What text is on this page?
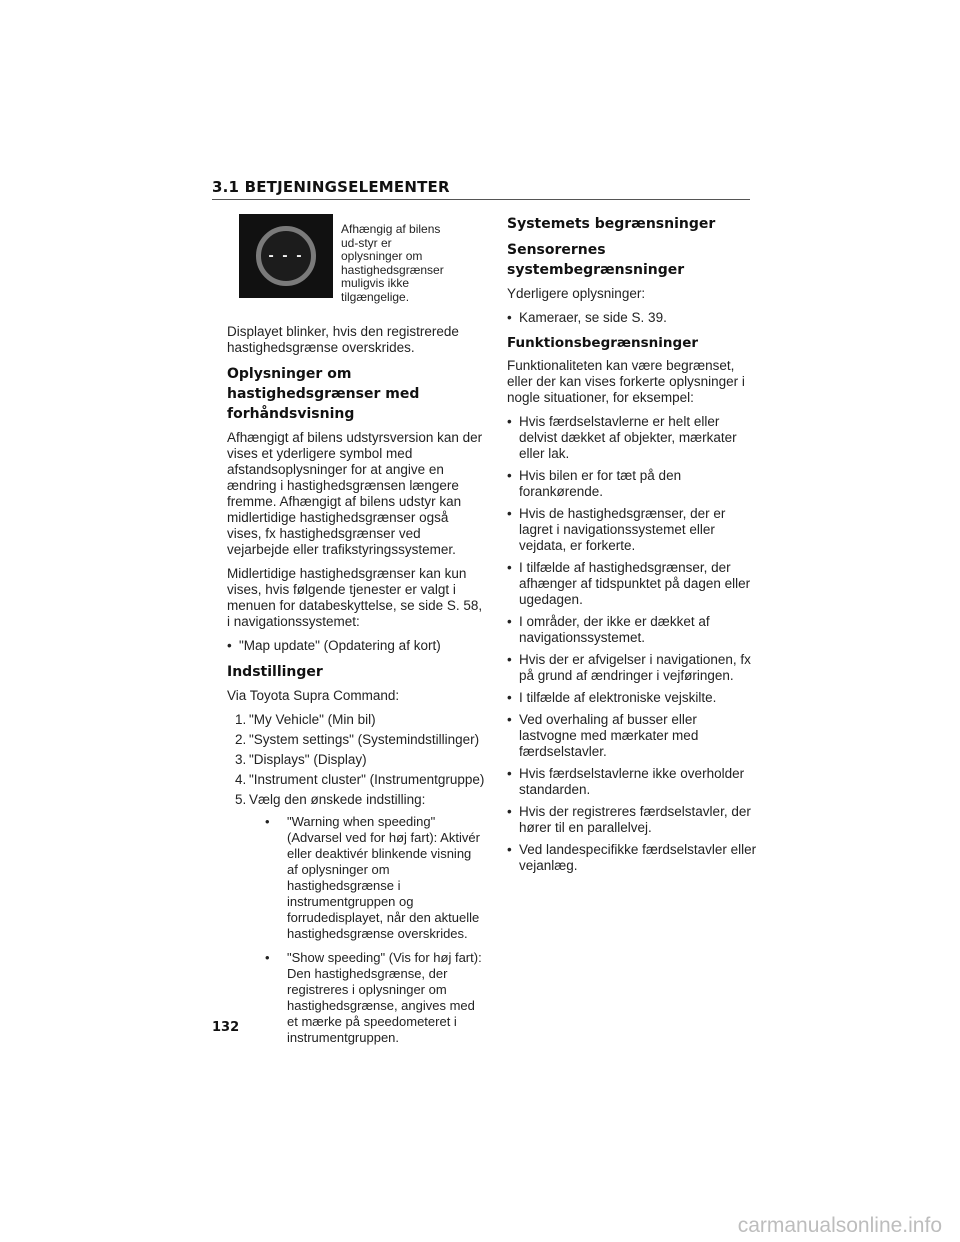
3.1 BETJENINGSELEMENTER
- - -
Afhængig af bilens ud-styr er oplysninger om hastighedsgrænser muligvis ikke tilgængelige.

Displayet blinker, hvis den registrerede hastighedsgrænse overskrides.

Oplysninger om hastighedsgrænser med forhåndsvisning

Afhængigt af bilens udstyrsversion kan der vises et yderligere symbol med afstandsoplysninger for at angive en ændring i hastighedsgrænsen længere fremme. Afhængigt af bilens udstyr kan midlertidige hastighedsgrænser også vises, fx hastighedsgrænser ved vejarbejde eller trafikstyringssystemer.

Midlertidige hastighedsgrænser kan kun vises, hvis følgende tjenester er valgt i menuen for databeskyttelse, se side S. 58, i navigationssystemet:

• "Map update" (Opdatering af kort)
Indstillinger

Via Toyota Supra Command:

1. "My Vehicle" (Min bil)
2. "System settings" (Systemindstillinger)
3. "Displays" (Display)
4. "Instrument cluster" (Instrumentgruppe)
5. Vælg den ønskede indstilling:
• "Warning when speeding" (Advarsel ved for høj fart): Aktivér eller deaktivér blinkende visning af oplysninger om hastighedsgrænse i instrumentgruppen og forrudedisplayet, når den aktuelle hastighedsgrænse overskrides.
• "Show speeding" (Vis for høj fart): Den hastighedsgrænse, der registreres i oplysninger om hastighedsgrænse, angives med et mærke på speedometeret i instrumentgruppen.
Systemets begrænsninger
Sensorernes systembegrænsninger

Yderligere oplysninger:

• Kameraer, se side S. 39.
Funktionsbegrænsninger

Funktionaliteten kan være begrænset, eller der kan vises forkerte oplysninger i nogle situationer, for eksempel:

• Hvis færdselstavlerne er helt eller delvist dækket af objekter, mærkater eller lak.
• Hvis bilen er for tæt på den forankørende.
• Hvis de hastighedsgrænser, der er lagret i navigationssystemet eller vejdata, er forkerte.
• I tilfælde af hastighedsgrænser, der afhænger af tidspunktet på dagen eller ugedagen.
• I områder, der ikke er dækket af navigationssystemet.
• Hvis der er afvigelser i navigationen, fx på grund af ændringer i vejføringen.
• I tilfælde af elektroniske vejskilte.
• Ved overhaling af busser eller lastvogne med mærkater med færdselstavler.
• Hvis færdselstavlerne ikke overholder standarden.
• Hvis der registreres færdselstavler, der hører til en parallelvej.
• Ved landespecifikke færdselstavler eller vejanlæg.
132
carmanualsonline.info
